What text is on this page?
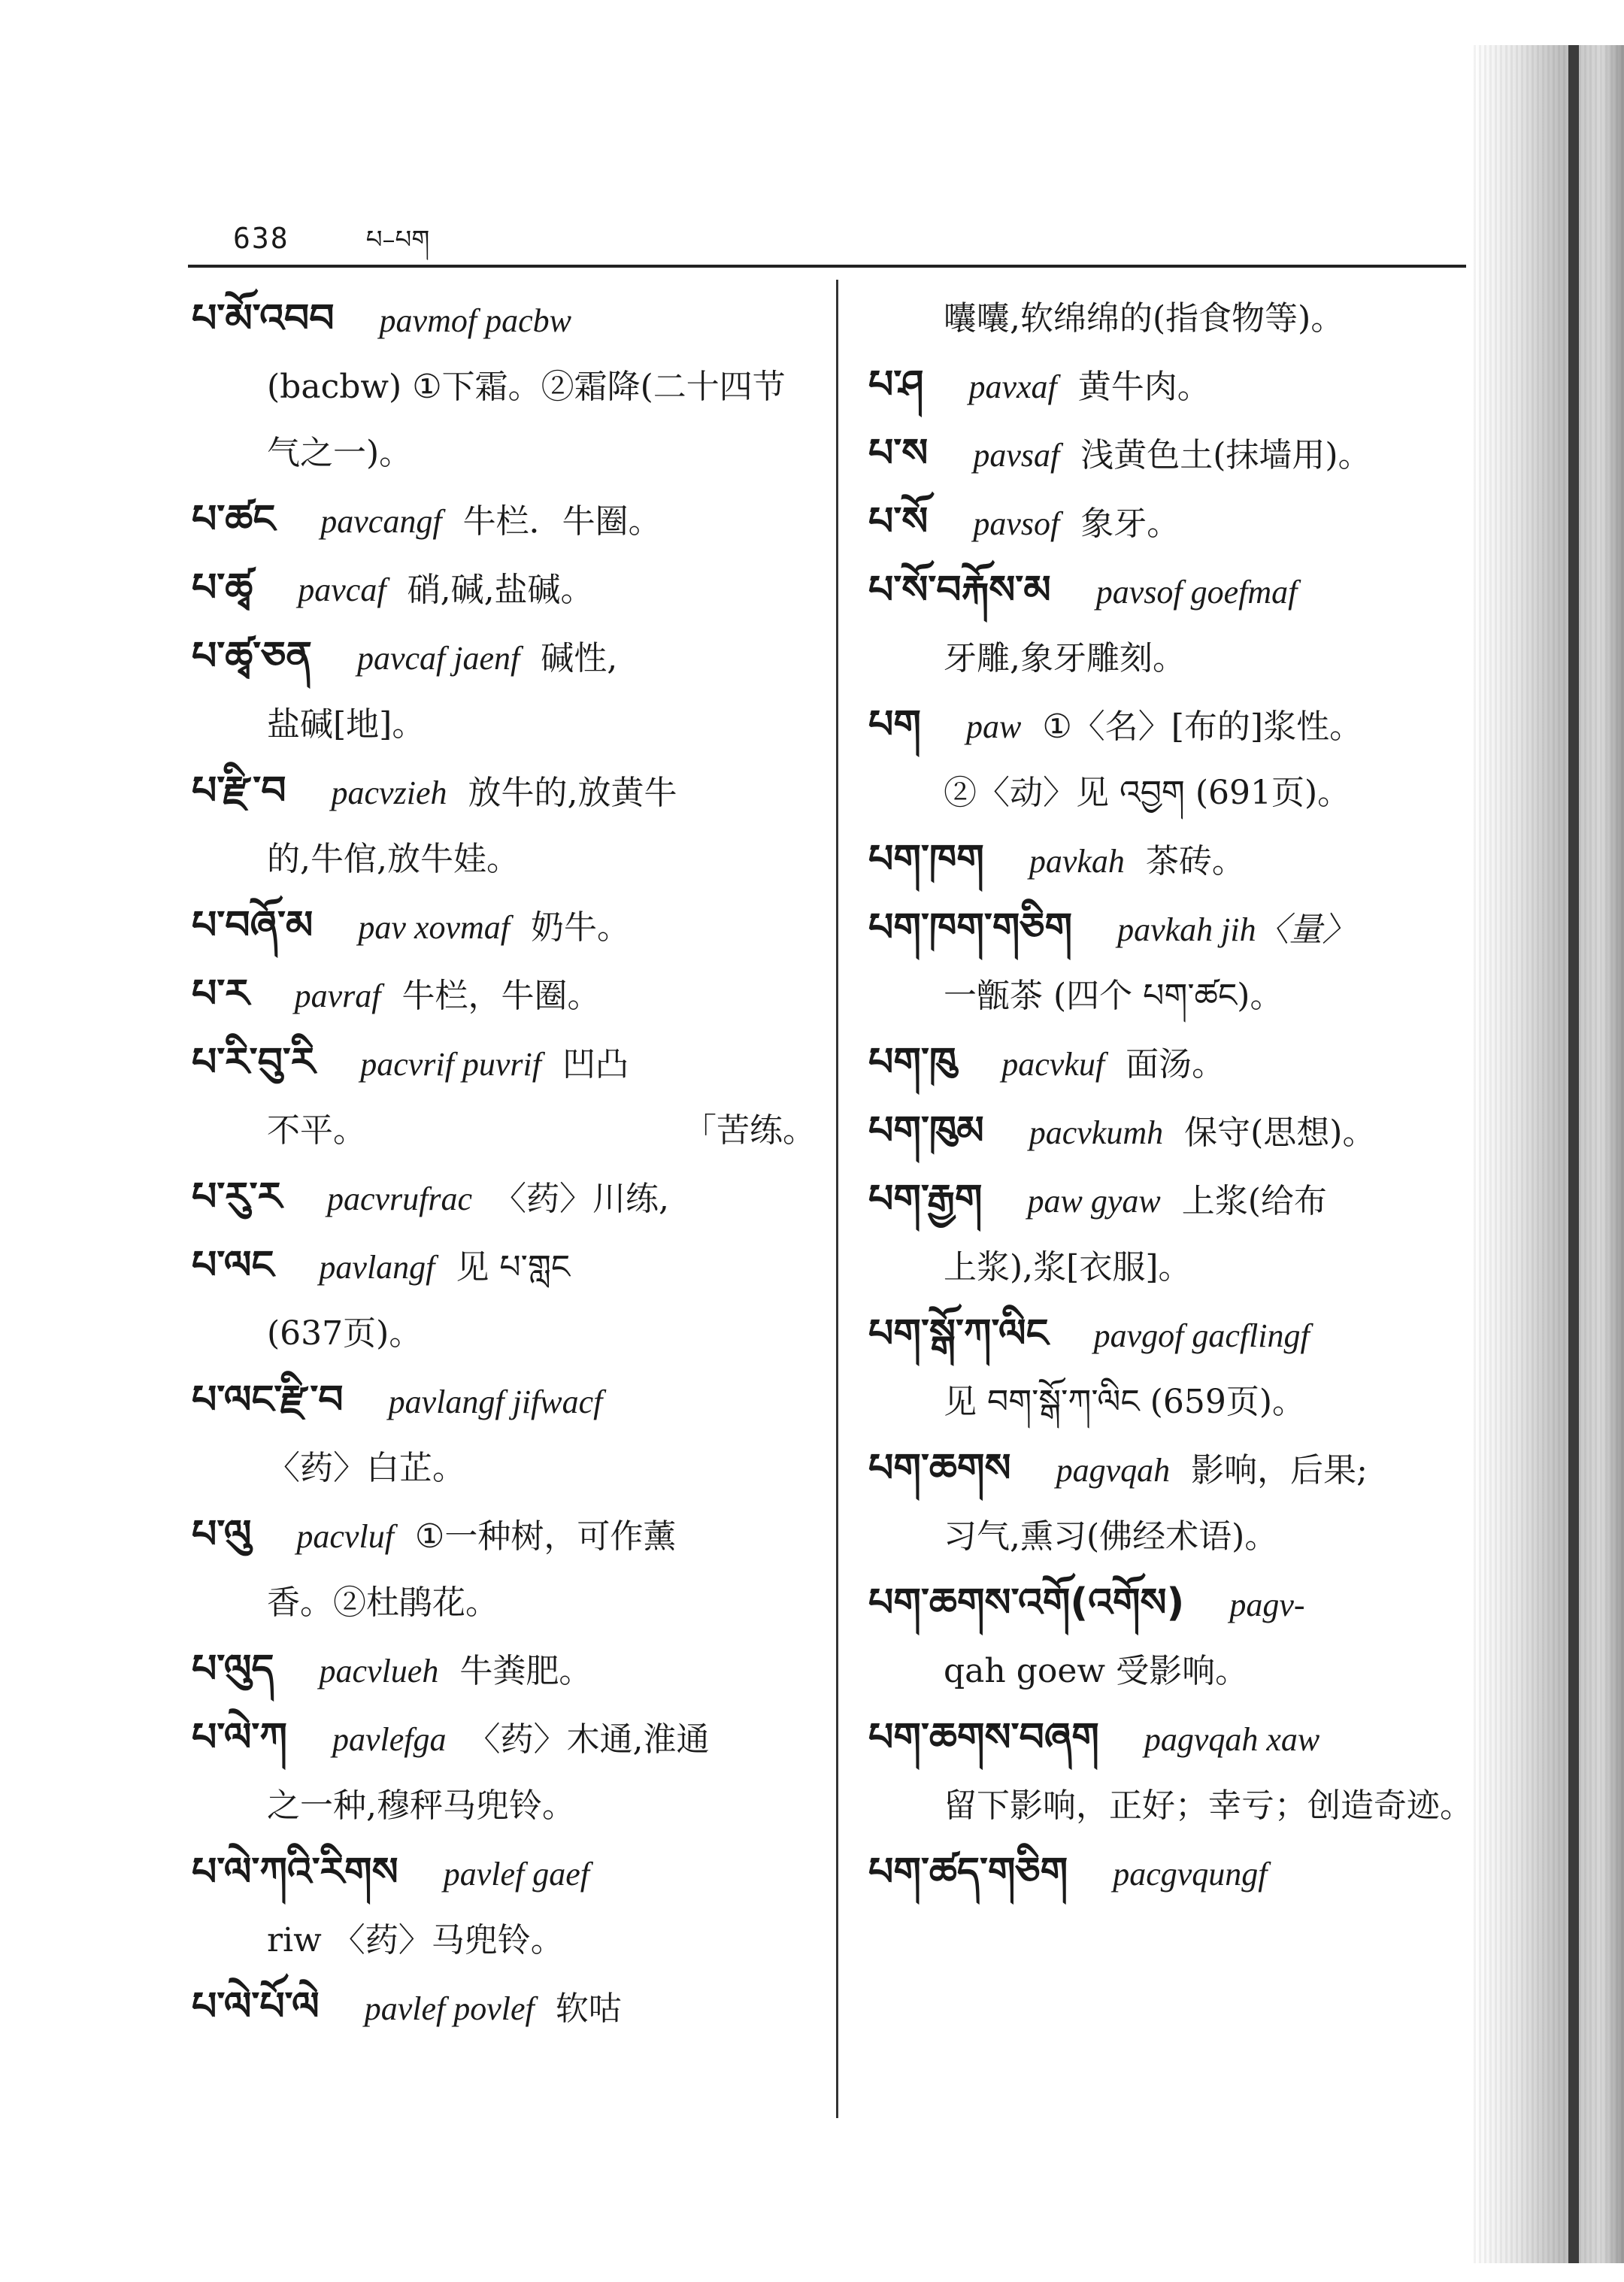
638	པ–པག
པ་མོ་འབབ pavmof pacbw
(bacbw) ①下霜。②霜降(二十四节气之一)。
པ་ཚང pavcangf 牛栏．牛圈。
པ་ཚྭ pavcaf 硝,碱,盐碱。
པ་ཚྭ་ཅན pavcaf jaenf 碱性,
盐碱[地]。
པ་རྫི་བ pacvzieh 放牛的,放黄牛
的,牛倌,放牛娃。
པ་བཞོ་མ pav xovmaf 奶牛。
པ་ར pavraf 牛栏，牛圈。
པ་རི་བུ་རི pacvrif puvrif 凹凸
不平。	「苦练。
པ་རུ་ར pacvrufrac 〈药〉川练,
པ་ལང pavlangf 见 པ་གླང
(637页)。
པ་ལང་རྫི་བ pavlangf jifwacf
〈药〉白芷。
པ་ལུ pacvluf ①一种树，可作薰
香。②杜鹃花。
པ་ལུད pacvlueh 牛粪肥。
པ་ལེ་ཀ pavlefga 〈药〉木通,淮通
之一种,穆秤马兜铃。
པ་ལེ་ཀའི་རིགས pavlef gaef
riw 〈药〉马兜铃。
པ་ལེ་པོ་ལེ pavlef povlef 软咕
囔囔,软绵绵的(指食物等)。
པ་ཤ pavxaf 黄牛肉。
པ་ས pavsaf 浅黄色土(抹墙用)。
པ་སོ pavsof 象牙。
པ་སོ་བརྐོས་མ pavsof goefmaf
牙雕,象牙雕刻。
པག paw ①〈名〉[布的]浆性。
②〈动〉见 འབྱག (691页)。
པག་ཁག pavkah 茶砖。
པག་ཁག་གཅིག pavkah jih〈量〉
一甑茶 (四个 པག་ཚང)。
པག་ཁུ pacvkuf 面汤。
པག་ཁུམ pacvkumh 保守(思想)。
པག་རྒྱག paw gyaw 上浆(给布
上浆),浆[衣服]。
པག་སྒོ་ཀ་ལིང pavgof gacflingf
见 བག་སྒོ་ཀ་ལིང (659页)。
པག་ཆགས pagvqah 影响，后果;
习气,熏习(佛经术语)。
པག་ཆགས་འགོ(འགོས) pagv-
qah goew 受影响。
པག་ཆགས་བཞག pagvqah xaw
留下影响，正好；幸亏；创造奇迹。
པག་ཚད་གཅིག pacgvqungf
